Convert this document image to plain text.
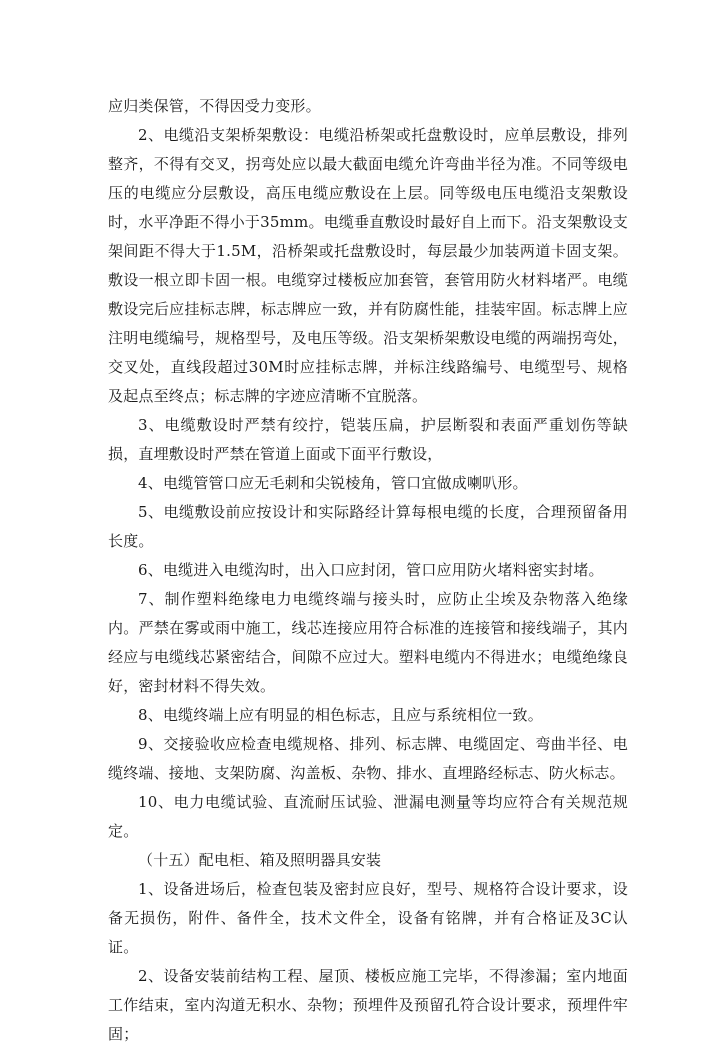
应归类保管，不得因受力变形。

2、电缆沿支架桥架敷设：电缆沿桥架或托盘敷设时，应单层敷设，排列整齐，不得有交叉，拐弯处应以最大截面电缆允许弯曲半径为准。不同等级电压的电缆应分层敷设，高压电缆应敷设在上层。同等级电压电缆沿支架敷设时，水平净距不得小于35mm。电缆垂直敷设时最好自上而下。沿支架敷设支架间距不得大于1.5M，沿桥架或托盘敷设时，每层最少加装两道卡固支架。敷设一根立即卡固一根。电缆穿过楼板应加套管，套管用防火材料堵严。电缆敷设完后应挂标志牌，标志牌应一致，并有防腐性能，挂装牢固。标志牌上应注明电缆编号，规格型号，及电压等级。沿支架桥架敷设电缆的两端拐弯处，交叉处，直线段超过30M时应挂标志牌，并标注线路编号、电缆型号、规格及起点至终点；标志牌的字迹应清晰不宜脱落。

3、电缆敷设时严禁有绞拧，铠装压扁，护层断裂和表面严重划伤等缺损，直埋敷设时严禁在管道上面或下面平行敷设，

4、电缆管管口应无毛刺和尖锐棱角，管口宜做成喇叭形。

5、电缆敷设前应按设计和实际路经计算每根电缆的长度，合理预留备用长度。

6、电缆进入电缆沟时，出入口应封闭，管口应用防火堵料密实封堵。

7、制作塑料绝缘电力电缆终端与接头时，应防止尘埃及杂物落入绝缘内。严禁在雾或雨中施工，线芯连接应用符合标准的连接管和接线端子，其内经应与电缆线芯紧密结合，间隙不应过大。塑料电缆内不得进水；电缆绝缘良好，密封材料不得失效。

8、电缆终端上应有明显的相色标志，且应与系统相位一致。

9、交接验收应检查电缆规格、排列、标志牌、电缆固定、弯曲半径、电缆终端、接地、支架防腐、沟盖板、杂物、排水、直埋路经标志、防火标志。

10、电力电缆试验、直流耐压试验、泄漏电测量等均应符合有关规范规定。

（十五）配电柜、箱及照明器具安装

1、设备进场后，检查包装及密封应良好，型号、规格符合设计要求，设备无损伤，附件、备件全，技术文件全，设备有铭牌，并有合格证及3C认证。

2、设备安装前结构工程、屋顶、楼板应施工完毕，不得渗漏；室内地面工作结束，室内沟道无积水、杂物；预埋件及预留孔符合设计要求，预埋件牢固；
